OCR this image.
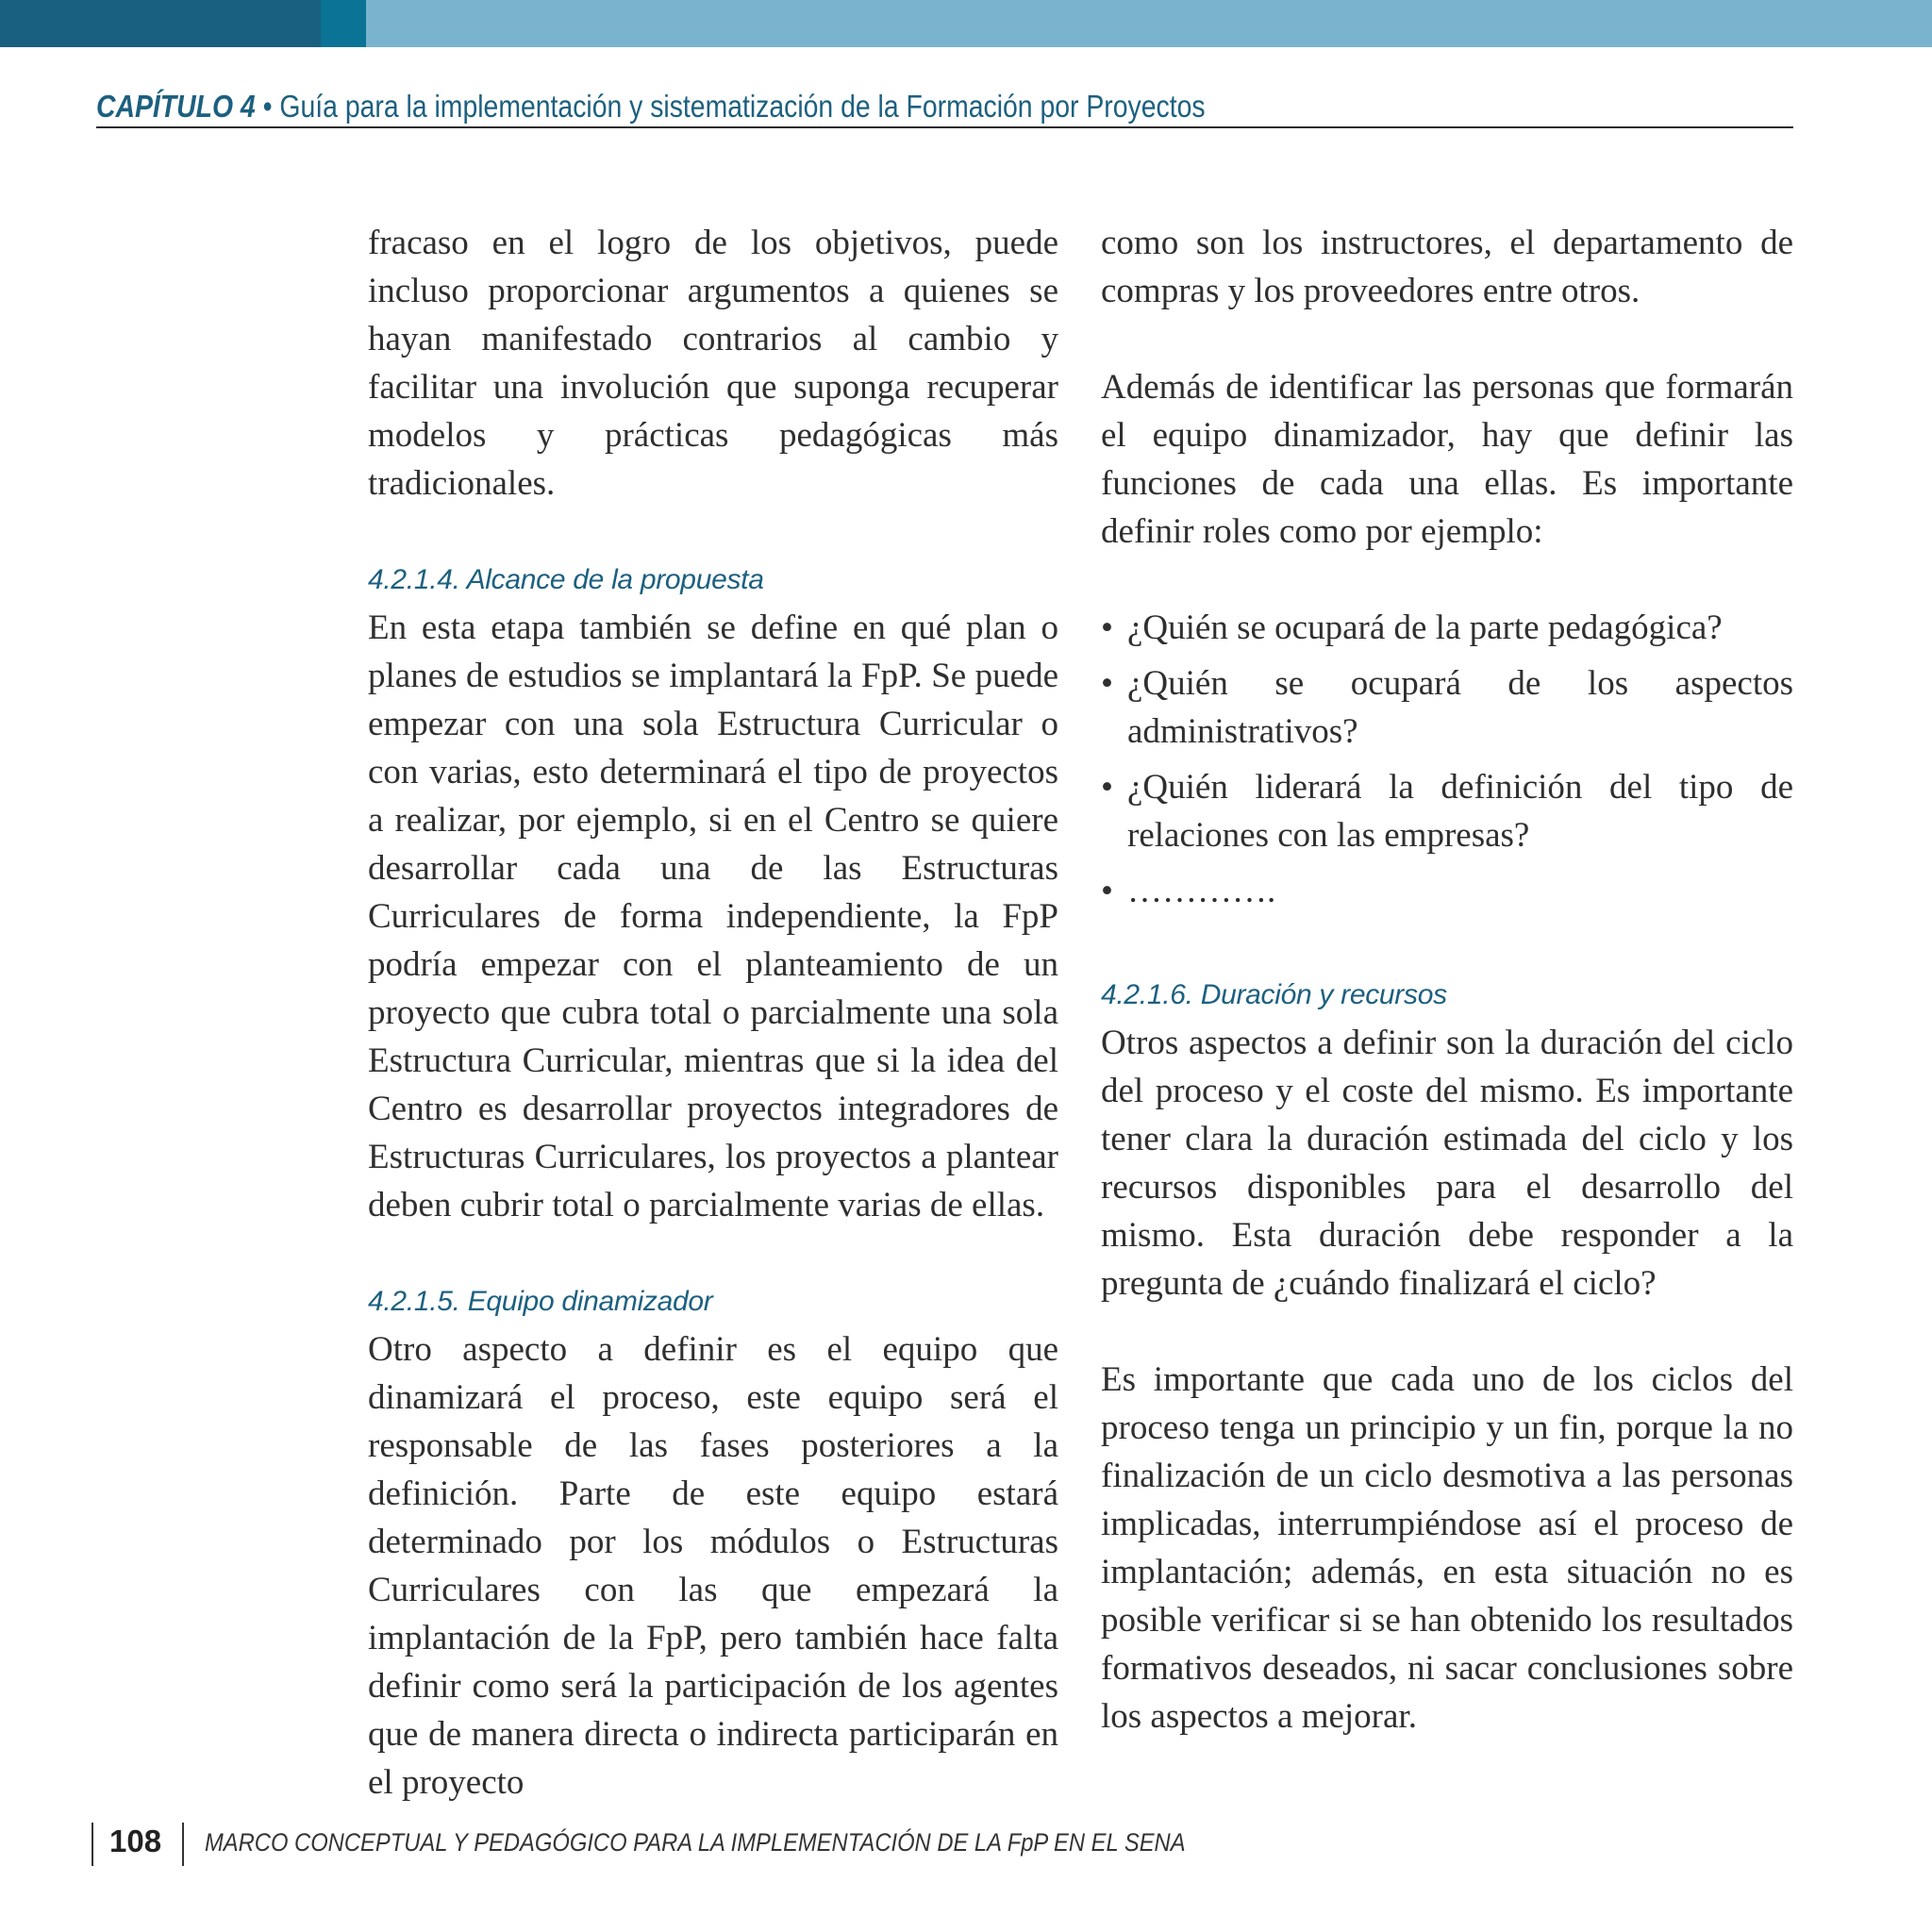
CAPÍTULO 4 • Guía para la implementación y sistematización de la Formación por Proyectos

fracaso en el logro de los objetivos, puede incluso proporcionar argumentos a quienes se hayan manifestado contrarios al cambio y facilitar una involución que suponga recuperar modelos y prácticas pedagógicas más tradicionales.

4.2.1.4. Alcance de la propuesta

En esta etapa también se define en qué plan o planes de estudios se implantará la FpP. Se puede empezar con una sola Estructura Curricular o con varias, esto determinará el tipo de proyectos a realizar, por ejemplo, si en el Centro se quiere desarrollar cada una de las Estructuras Curriculares de forma independiente, la FpP podría empezar con el planteamiento de un proyecto que cubra total o parcialmente una sola Estructura Curricular, mientras que si la idea del Centro es desarrollar proyectos integradores de Estructuras Curriculares, los proyectos a plantear deben cubrir total o parcialmente varias de ellas.

4.2.1.5. Equipo dinamizador

Otro aspecto a definir es el equipo que dinamizará el proceso, este equipo será el responsable de las fases posteriores a la definición. Parte de este equipo estará determinado por los módulos o Estructuras Curriculares con las que empezará la implantación de la FpP, pero también hace falta definir como será la participación de los agentes que de manera directa o indirecta participarán en el proyecto

como son los instructores, el departamento de compras y los proveedores entre otros.

Además de identificar las personas que formarán el equipo dinamizador, hay que definir las funciones de cada una ellas. Es importante definir roles como por ejemplo:

• ¿Quién se ocupará de la parte pedagógica?
• ¿Quién se ocupará de los aspectos administrativos?
• ¿Quién liderará la definición del tipo de relaciones con las empresas?
• ………….

4.2.1.6. Duración y recursos

Otros aspectos a definir son la duración del ciclo del proceso y el coste del mismo. Es importante tener clara la duración estimada del ciclo y los recursos disponibles para el desarrollo del mismo. Esta duración debe responder a la pregunta de ¿cuándo finalizará el ciclo?

Es importante que cada uno de los ciclos del proceso tenga un principio y un fin, porque la no finalización de un ciclo desmotiva a las personas implicadas, interrumpiéndose así el proceso de implantación; además, en esta situación no es posible verificar si se han obtenido los resultados formativos deseados, ni sacar conclusiones sobre los aspectos a mejorar.

108 MARCO CONCEPTUAL Y PEDAGÓGICO PARA LA IMPLEMENTACIÓN DE LA FpP EN EL SENA
